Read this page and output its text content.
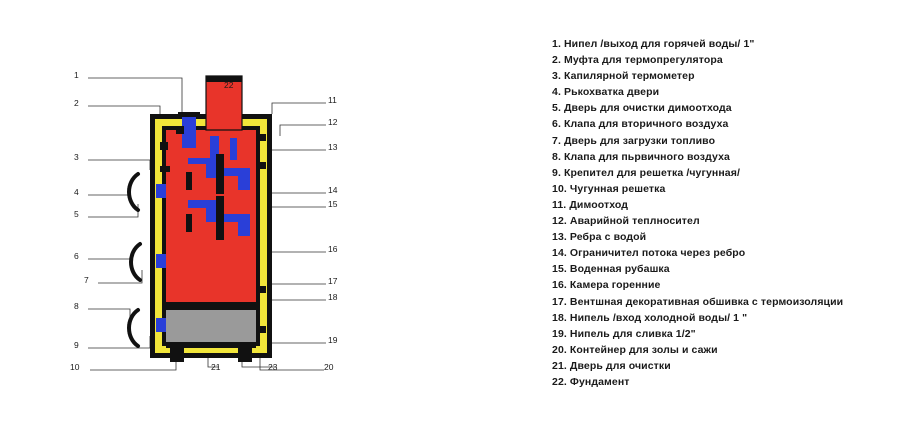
1
2
3
4
5
6
7
8
9
10
11
12
13
14
15
16
17
18
19
20
21
22
23
1. Нипел /выход для горячей воды/ 1"
2. Муфта для термопрегулятора
3. Капилярной термометер
4. Рькохватка двери
5. Дверь для очистки димоотхода
6. Клапа для вторичного воздуха
7. Дверь для загрузки топливо
8. Клапа для пьрвичного воздуха
9. Крепител для решетка /чугунная/
10. Чугунная решетка
11. Димоотход
12. Аварийной теплносител
13. Ребра с водой
14. Ограничител потока через ребро
15. Воденная рубашка
16. Камера горенние
17. Вентшная декоративная обшивка с термоизоляции
18. Нипель /вход холодной воды/ 1 "
19. Нипель для сливка 1/2"
20. Контейнер для золы и сажи
21. Дверь для очистки
22. Фундамент
